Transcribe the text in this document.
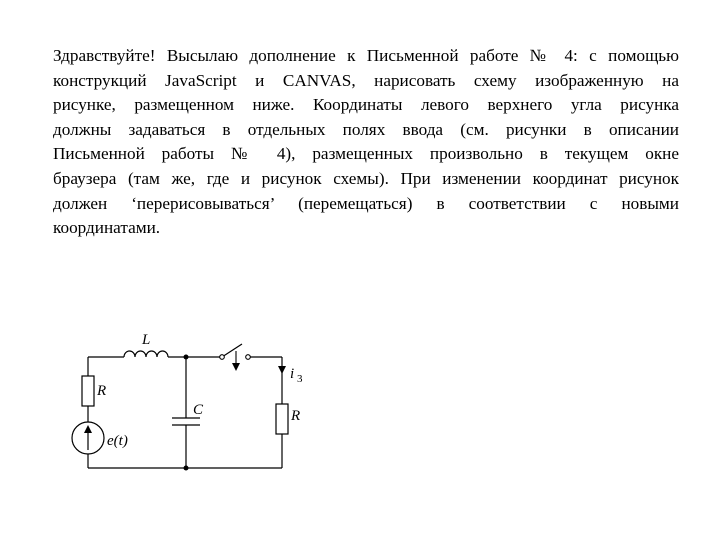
Здравствуйте! Высылаю дополнение к Письменной работе № 4: с помощью
конструкций JavaScript и CANVAS, нарисовать схему изображенную на
рисунке, размещенном ниже. Координаты левого верхнего угла рисунка
должны задаваться в отдельных полях ввода (см. рисунки в описании
Письменной работы № 4), размещенных произвольно в текущем окне
браузера (там же, где и рисунок схемы). При изменении координат рисунок
должен ‘перерисовываться’ (перемещаться) в соответствии с новыми
координатами.

L
R
C	R
e(t)
i 3
